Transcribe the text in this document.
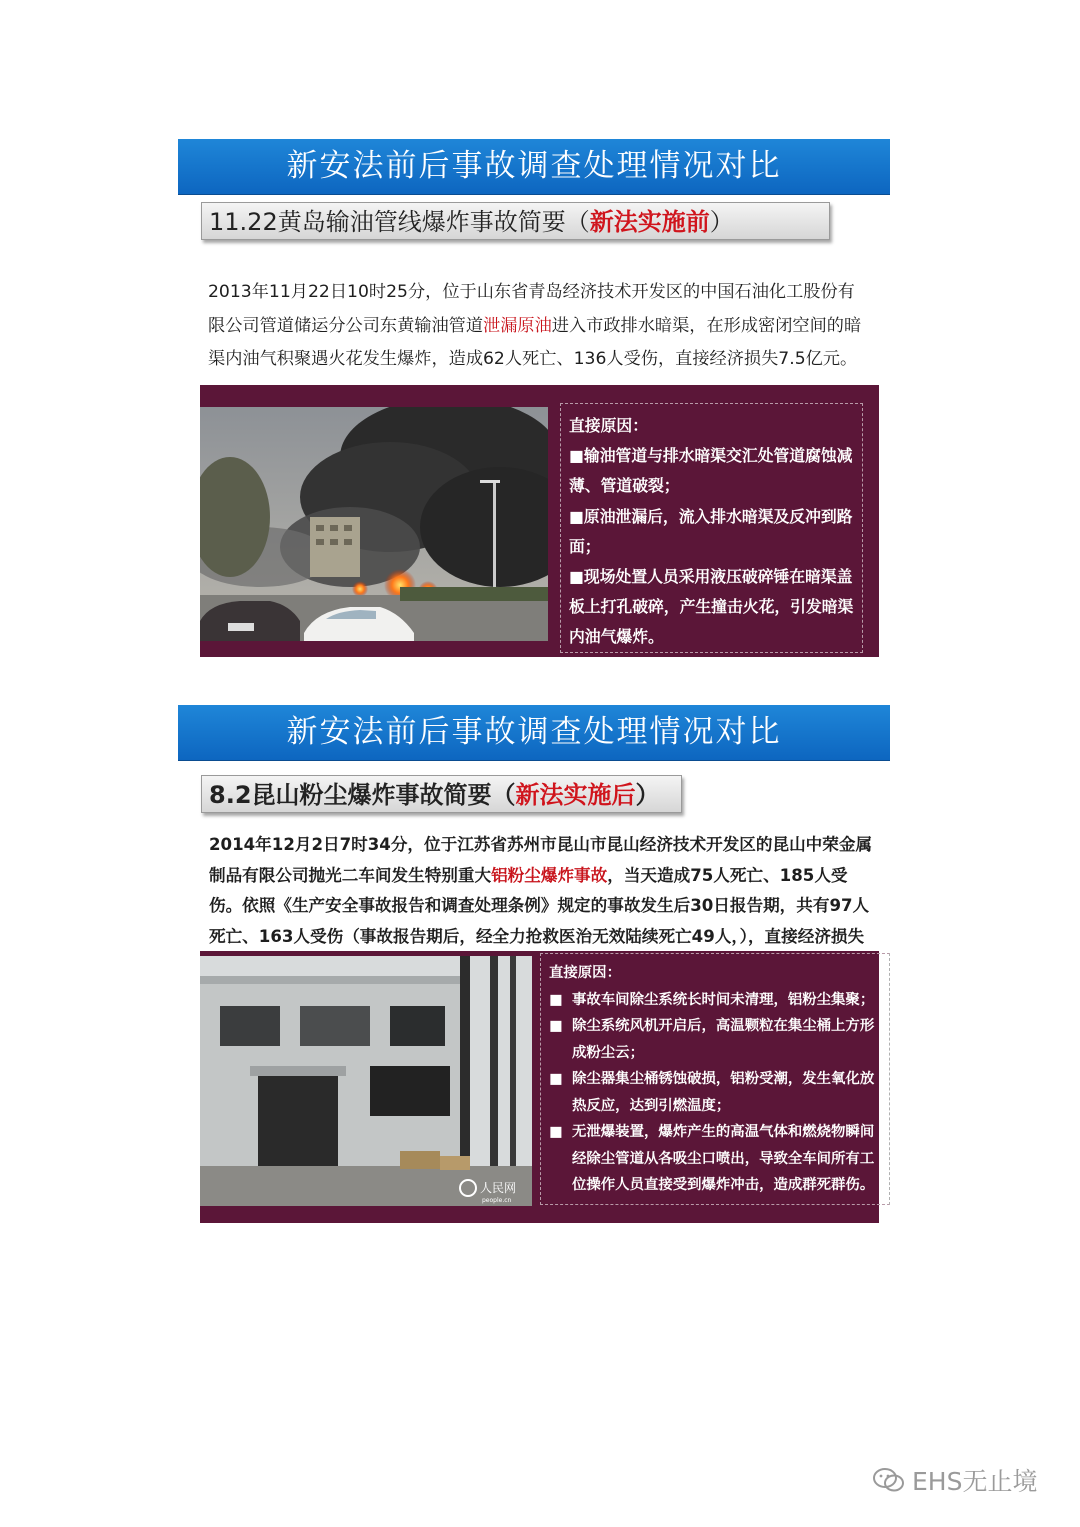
新安法前后事故调查处理情况对比
11.22黄岛输油管线爆炸事故简要（新法实施前）

2013年11月22日10时25分，位于山东省青岛经济技术开发区的中国石油化工股份有限公司管道储运分公司东黄输油管道泄漏原油进入市政排水暗渠，在形成密闭空间的暗渠内油气积聚遇火花发生爆炸，造成62人死亡、136人受伤，直接经济损失7.5亿元。

直接原因：

■输油管道与排水暗渠交汇处管道腐蚀减薄、管道破裂；

■原油泄漏后，流入排水暗渠及反冲到路面；

■现场处置人员采用液压破碎锤在暗渠盖板上打孔破碎，产生撞击火花，引发暗渠内油气爆炸。

新安法前后事故调查处理情况对比
8.2昆山粉尘爆炸事故简要（新法实施后）

2014年12月2日7时34分，位于江苏省苏州市昆山市昆山经济技术开发区的昆山中荣金属制品有限公司抛光二车间发生特别重大铝粉尘爆炸事故，当天造成75人死亡、185人受伤。依照《生产安全事故报告和调查处理条例》规定的事故发生后30日报告期，共有97人死亡、163人受伤（事故报告期后，经全力抢救医治无效陆续死亡49人，），直接经济损失

人民网
people.cn

直接原因：

■ 事故车间除尘系统长时间未清理，铝粉尘集聚；
■ 除尘系统风机开启后，高温颗粒在集尘桶上方形成粉尘云；
■ 除尘器集尘桶锈蚀破损，铝粉受潮，发生氧化放热反应，达到引燃温度；
■ 无泄爆装置，爆炸产生的高温气体和燃烧物瞬间经除尘管道从各吸尘口喷出，导致全车间所有工位操作人员直接受到爆炸冲击，造成群死群伤。
EHS无止境
